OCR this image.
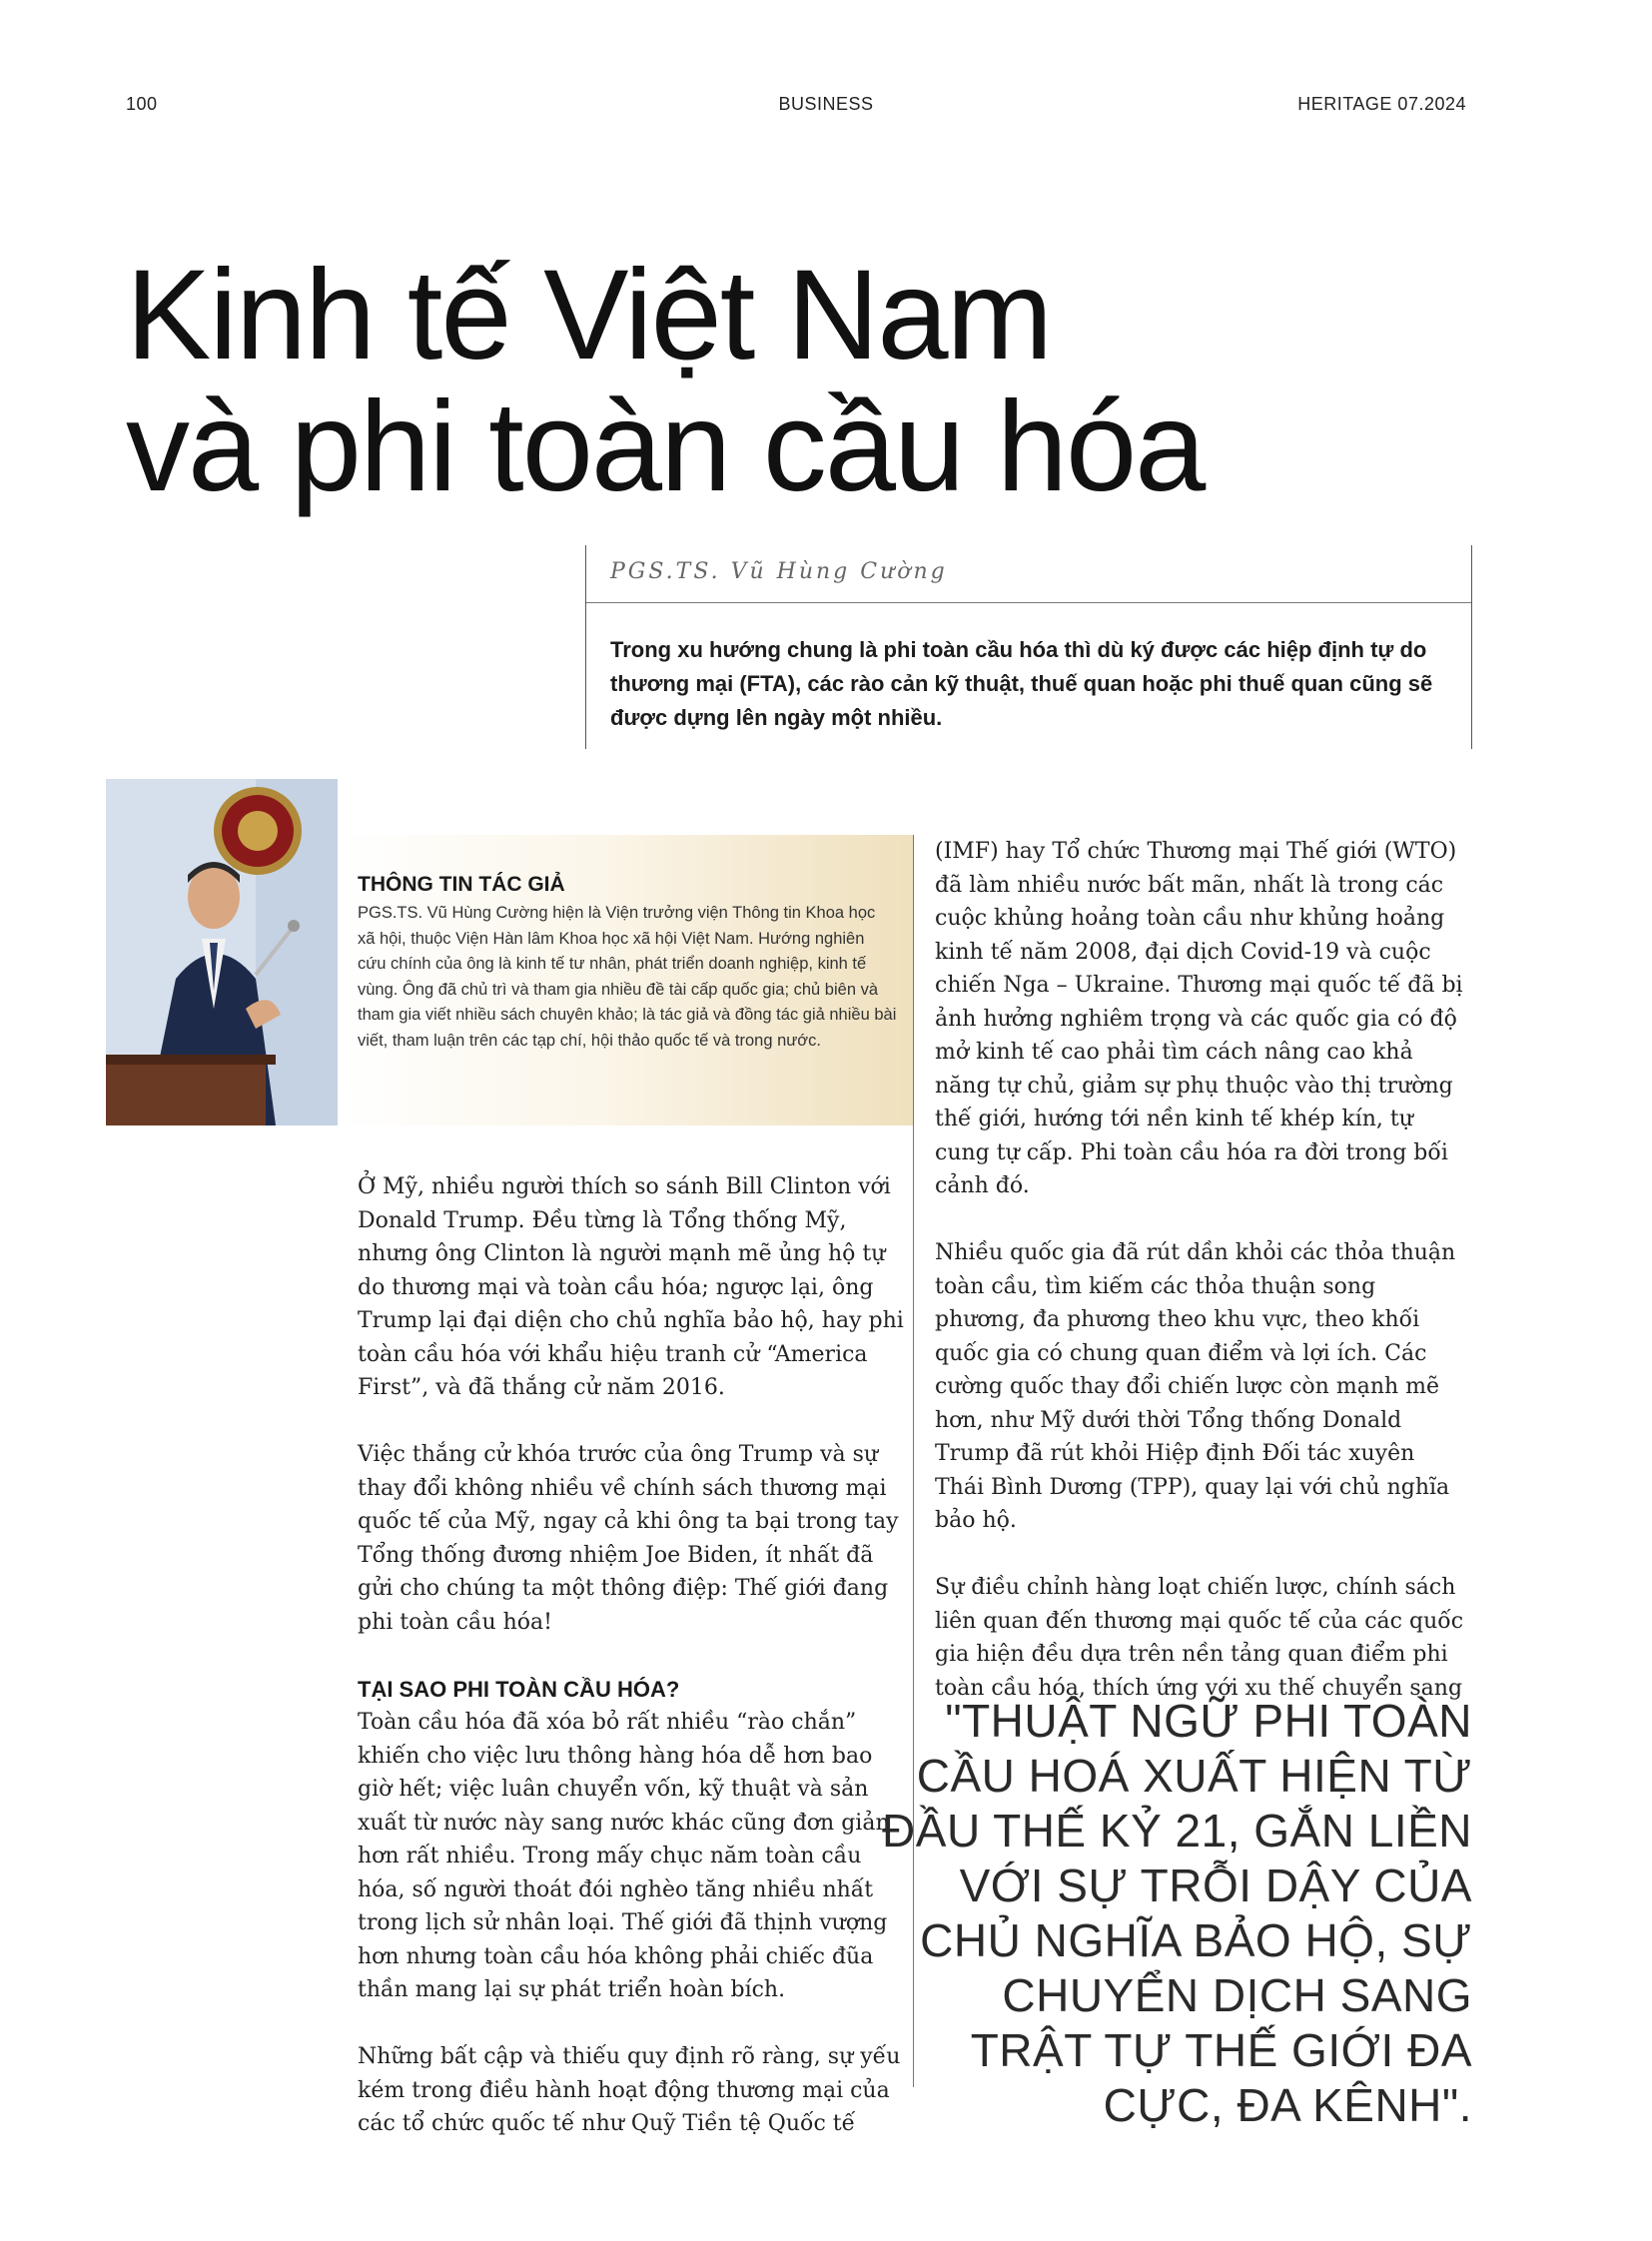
100	BUSINESS	HERITAGE 07.2024
Kinh tế Việt Nam
và phi toàn cầu hóa
PGS.TS. Vũ Hùng Cường

Trong xu hướng chung là phi toàn cầu hóa thì dù ký được các hiệp định tự do thương mại (FTA), các rào cản kỹ thuật, thuế quan hoặc phi thuế quan cũng sẽ được dựng lên ngày một nhiều.

THÔNG TIN TÁC GIẢ

PGS.TS. Vũ Hùng Cường hiện là Viện trưởng viện Thông tin Khoa học xã hội, thuộc Viện Hàn lâm Khoa học xã hội Việt Nam. Hướng nghiên cứu chính của ông là kinh tế tư nhân, phát triển doanh nghiệp, kinh tế vùng. Ông đã chủ trì và tham gia nhiều đề tài cấp quốc gia; chủ biên và tham gia viết nhiều sách chuyên khảo; là tác giả và đồng tác giả nhiều bài viết, tham luận trên các tạp chí, hội thảo quốc tế và trong nước.

Ở Mỹ, nhiều người thích so sánh Bill Clinton với Donald Trump. Đều từng là Tổng thống Mỹ, nhưng ông Clinton là người mạnh mẽ ủng hộ tự do thương mại và toàn cầu hóa; ngược lại, ông Trump lại đại diện cho chủ nghĩa bảo hộ, hay phi toàn cầu hóa với khẩu hiệu tranh cử “America First”, và đã thắng cử năm 2016.

Việc thắng cử khóa trước của ông Trump và sự thay đổi không nhiều về chính sách thương mại quốc tế của Mỹ, ngay cả khi ông ta bại trong tay Tổng thống đương nhiệm Joe Biden, ít nhất đã gửi cho chúng ta một thông điệp: Thế giới đang phi toàn cầu hóa!

TẠI SAO PHI TOÀN CẦU HÓA?

Toàn cầu hóa đã xóa bỏ rất nhiều “rào chắn” khiến cho việc lưu thông hàng hóa dễ hơn bao giờ hết; việc luân chuyển vốn, kỹ thuật và sản xuất từ nước này sang nước khác cũng đơn giản hơn rất nhiều. Trong mấy chục năm toàn cầu hóa, số người thoát đói nghèo tăng nhiều nhất trong lịch sử nhân loại. Thế giới đã thịnh vượng hơn nhưng toàn cầu hóa không phải chiếc đũa thần mang lại sự phát triển hoàn bích.

Những bất cập và thiếu quy định rõ ràng, sự yếu kém trong điều hành hoạt động thương mại của các tổ chức quốc tế như Quỹ Tiền tệ Quốc tế

(IMF) hay Tổ chức Thương mại Thế giới (WTO) đã làm nhiều nước bất mãn, nhất là trong các cuộc khủng hoảng toàn cầu như khủng hoảng kinh tế năm 2008, đại dịch Covid-19 và cuộc chiến Nga – Ukraine. Thương mại quốc tế đã bị ảnh hưởng nghiêm trọng và các quốc gia có độ mở kinh tế cao phải tìm cách nâng cao khả năng tự chủ, giảm sự phụ thuộc vào thị trường thế giới, hướng tới nền kinh tế khép kín, tự cung tự cấp. Phi toàn cầu hóa ra đời trong bối cảnh đó.

Nhiều quốc gia đã rút dần khỏi các thỏa thuận toàn cầu, tìm kiếm các thỏa thuận song phương, đa phương theo khu vực, theo khối quốc gia có chung quan điểm và lợi ích. Các cường quốc thay đổi chiến lược còn mạnh mẽ hơn, như Mỹ dưới thời Tổng thống Donald Trump đã rút khỏi Hiệp định Đối tác xuyên Thái Bình Dương (TPP), quay lại với chủ nghĩa bảo hộ.

Sự điều chỉnh hàng loạt chiến lược, chính sách liên quan đến thương mại quốc tế của các quốc gia hiện đều dựa trên nền tảng quan điểm phi toàn cầu hóa, thích ứng với xu thế chuyển sang

"THUẬT NGỮ PHI TOÀN CẦU HOÁ XUẤT HIỆN TỪ ĐẦU THẾ KỶ 21, GẮN LIỀN VỚI SỰ TRỖI DẬY CỦA CHỦ NGHĨA BẢO HỘ, SỰ CHUYỂN DỊCH SANG TRẬT TỰ THẾ GIỚI ĐA CỰC, ĐA KÊNH".
